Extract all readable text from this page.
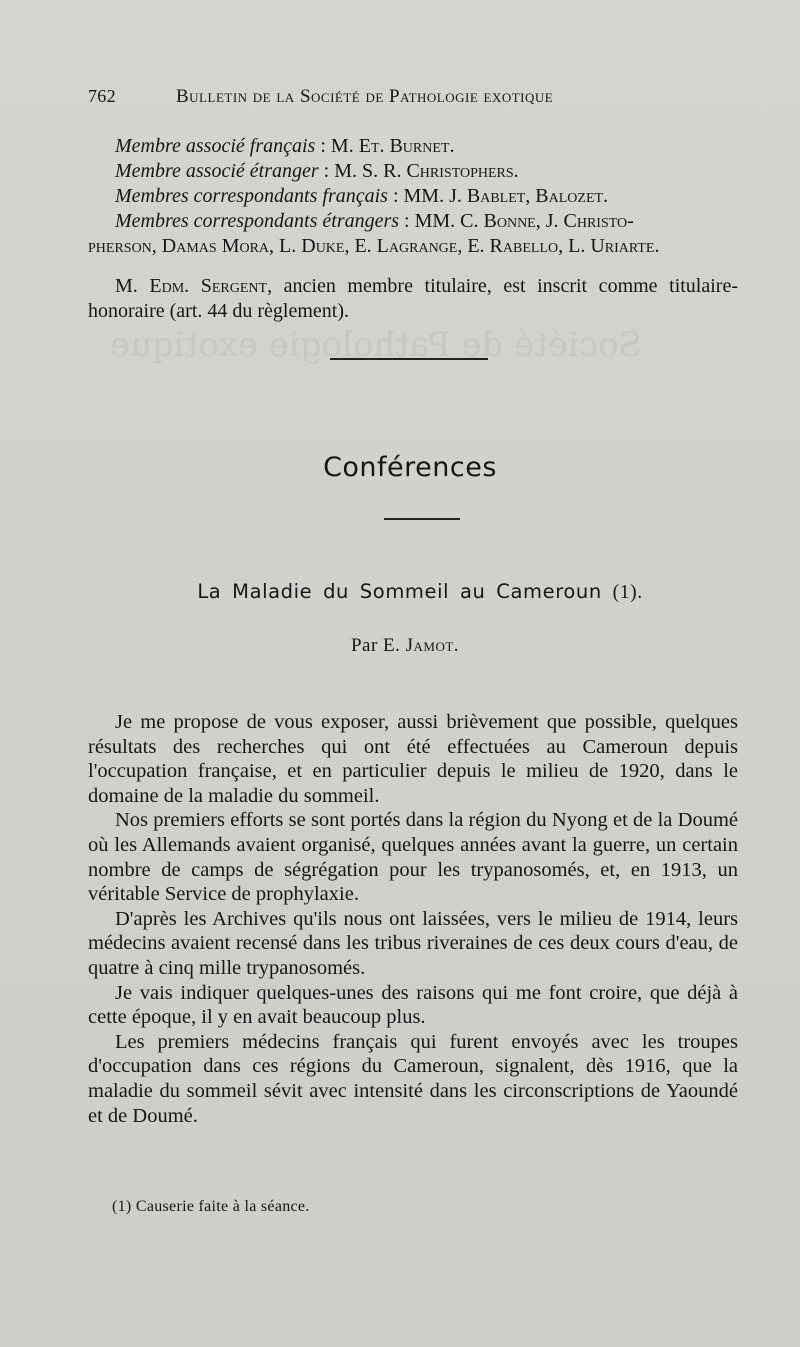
Société de Pathologie exotique
762	Bulletin de la Société de Pathologie exotique

Membre associé français : M. Et. Burnet.

Membre associé étranger : M. S. R. Christophers.

Membres correspondants français : MM. J. Bablet, Balozet.

Membres correspondants étrangers : MM. C. Bonne, J. Christo-

pherson, Damas Mora, L. Duke, E. Lagrange, E. Rabello, L. Uriarte.

M. Edm. Sergent, ancien membre titulaire, est inscrit comme titulaire-honoraire (art. 44 du règlement).

Conférences
La Maladie du Sommeil au Cameroun (1).
Par E. Jamot.

Je me propose de vous exposer, aussi brièvement que possible, quelques résultats des recherches qui ont été effectuées au Cameroun depuis l'occupation française, et en particulier depuis le milieu de 1920, dans le domaine de la maladie du sommeil.

Nos premiers efforts se sont portés dans la région du Nyong et de la Doumé où les Allemands avaient organisé, quelques années avant la guerre, un certain nombre de camps de ségrégation pour les trypanosomés, et, en 1913, un véritable Service de prophylaxie.

D'après les Archives qu'ils nous ont laissées, vers le milieu de 1914, leurs médecins avaient recensé dans les tribus riveraines de ces deux cours d'eau, de quatre à cinq mille trypanosomés.

Je vais indiquer quelques-unes des raisons qui me font croire, que déjà à cette époque, il y en avait beaucoup plus.

Les premiers médecins français qui furent envoyés avec les troupes d'occupation dans ces régions du Cameroun, signalent, dès 1916, que la maladie du sommeil sévit avec intensité dans les circonscriptions de Yaoundé et de Doumé.

(1) Causerie faite à la séance.
